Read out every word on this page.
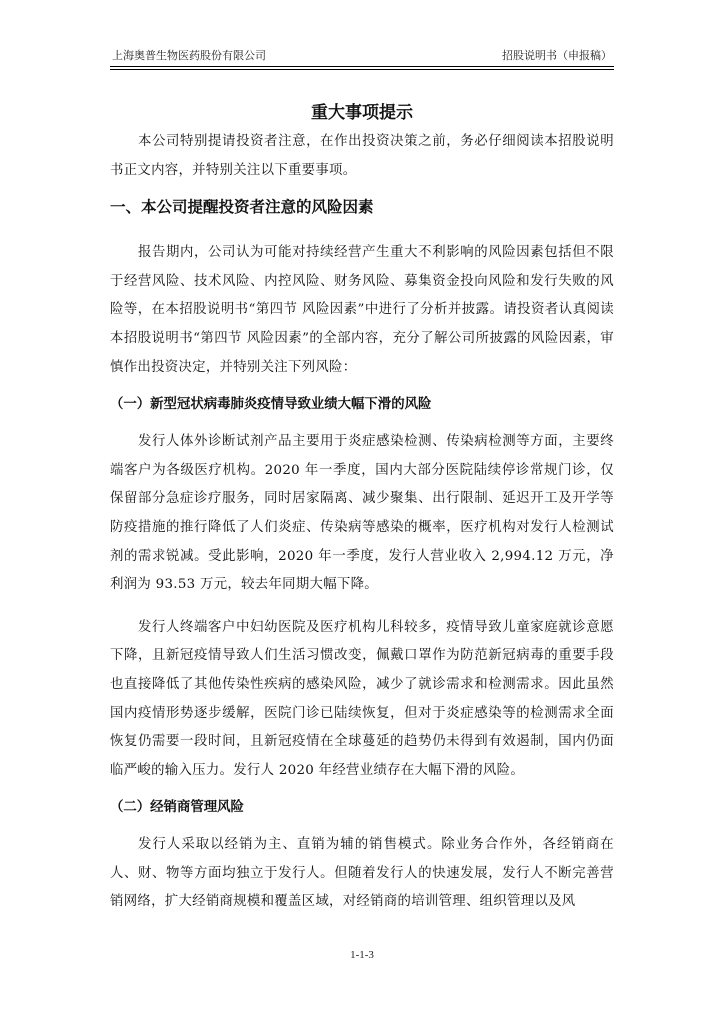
上海奥普生物医药股份有限公司	招股说明书（申报稿）
重大事项提示

本公司特别提请投资者注意，在作出投资决策之前，务必仔细阅读本招股说明书正文内容，并特别关注以下重要事项。

一、本公司提醒投资者注意的风险因素

报告期内，公司认为可能对持续经营产生重大不利影响的风险因素包括但不限于经营风险、技术风险、内控风险、财务风险、募集资金投向风险和发行失败的风险等，在本招股说明书“第四节 风险因素”中进行了分析并披露。请投资者认真阅读本招股说明书“第四节 风险因素”的全部内容，充分了解公司所披露的风险因素，审慎作出投资决定，并特别关注下列风险：

（一）新型冠状病毒肺炎疫情导致业绩大幅下滑的风险

发行人体外诊断试剂产品主要用于炎症感染检测、传染病检测等方面，主要终端客户为各级医疗机构。2020 年一季度，国内大部分医院陆续停诊常规门诊，仅保留部分急症诊疗服务，同时居家隔离、减少聚集、出行限制、延迟开工及开学等防疫措施的推行降低了人们炎症、传染病等感染的概率，医疗机构对发行人检测试剂的需求锐减。受此影响，2020 年一季度，发行人营业收入 2,994.12 万元，净利润为 93.53 万元，较去年同期大幅下降。

发行人终端客户中妇幼医院及医疗机构儿科较多，疫情导致儿童家庭就诊意愿下降，且新冠疫情导致人们生活习惯改变，佩戴口罩作为防范新冠病毒的重要手段也直接降低了其他传染性疾病的感染风险，减少了就诊需求和检测需求。因此虽然国内疫情形势逐步缓解，医院门诊已陆续恢复，但对于炎症感染等的检测需求全面恢复仍需要一段时间，且新冠疫情在全球蔓延的趋势仍未得到有效遏制，国内仍面临严峻的输入压力。发行人 2020 年经营业绩存在大幅下滑的风险。

（二）经销商管理风险

发行人采取以经销为主、直销为辅的销售模式。除业务合作外，各经销商在人、财、物等方面均独立于发行人。但随着发行人的快速发展，发行人不断完善营销网络，扩大经销商规模和覆盖区域，对经销商的培训管理、组织管理以及风

1-1-3
